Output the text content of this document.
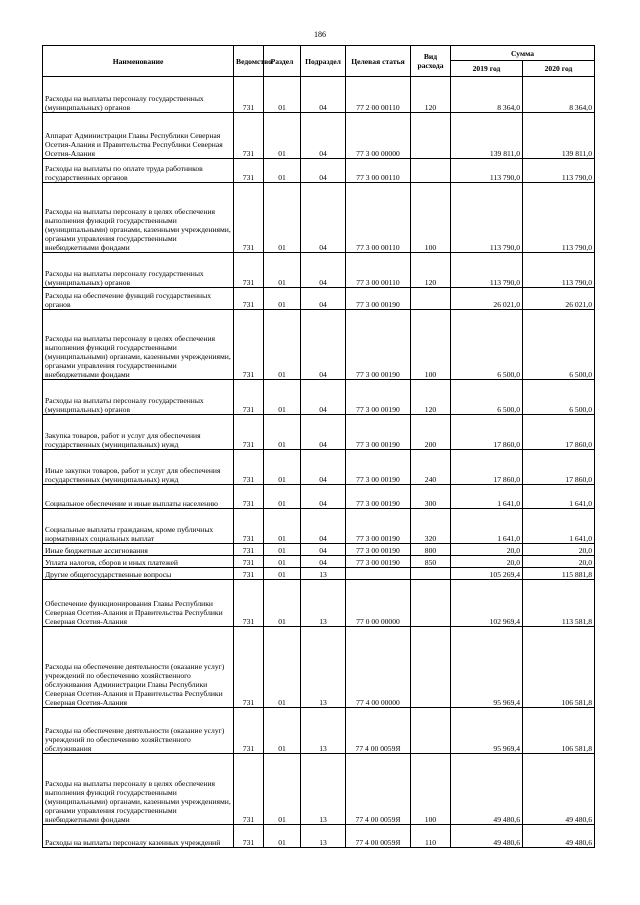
186
Наименование	Ведомство	Раздел	Подраздел	Целевая статья	Вид расхода	Сумма	
						2019 год	2020 год
Расходы на выплаты персоналу государственных (муниципальных) органов	731	01	04	77 2 00 00110	120	8 364,0	8 364,0
Аппарат Администрации Главы Республики Северная Осетия-Алания и Правительства Республики Северная Осетия-Алания	731	01	04	77 3 00 00000		139 811,0	139 811,0
Расходы на выплаты по оплате труда работников государственных органов	731	01	04	77 3 00 00110		113 790,0	113 790,0
Расходы на выплаты персоналу в целях обеспечения выполнения функций государственными (муниципальными) органами, казенными учреждениями, органами управления государственными внебюджетными фондами	731	01	04	77 3 00 00110	100	113 790,0	113 790,0
Расходы на выплаты персоналу государственных (муниципальных) органов	731	01	04	77 3 00 00110	120	113 790,0	113 790,0
Расходы на обеспечение функций государственных органов	731	01	04	77 3 00 00190		26 021,0	26 021,0
Расходы на выплаты персоналу в целях обеспечения выполнения функций государственными (муниципальными) органами, казенными учреждениями, органами управления государственными внебюджетными фондами	731	01	04	77 3 00 00190	100	6 500,0	6 500,0
Расходы на выплаты персоналу государственных (муниципальных) органов	731	01	04	77 3 00 00190	120	6 500,0	6 500,0
Закупка товаров, работ и услуг для обеспечения государственных (муниципальных) нужд	731	01	04	77 3 00 00190	200	17 860,0	17 860,0
Иные закупки товаров, работ и услуг для обеспечения государственных (муниципальных) нужд	731	01	04	77 3 00 00190	240	17 860,0	17 860,0
Социальное обеспечение и иные выплаты населению	731	01	04	77 3 00 00190	300	1 641,0	1 641,0
Социальные выплаты гражданам, кроме публичных нормативных социальных выплат	731	01	04	77 3 00 00190	320	1 641,0	1 641,0
Иные бюджетные ассигнования	731	01	04	77 3 00 00190	800	20,0	20,0
Уплата налогов, сборов и иных платежей	731	01	04	77 3 00 00190	850	20,0	20,0
Другие общегосударственные вопросы	731	01	13			105 269,4	115 881,8
Обеспечение функционирования Главы Республики Северная Осетия-Алания и Правительства Республики Северная Осетия-Алания	731	01	13	77 0 00 00000		102 969,4	113 581,8
Расходы на обеспечение деятельности (оказание услуг) учреждений по обеспечению хозяйственного обслуживания Администрации Главы Республики Северная Осетия-Алания и Правительства Республики Северная Осетия-Алания	731	01	13	77 4 00 00000		95 969,4	106 581,8
Расходы на обеспечение деятельности (оказание услуг) учреждений по обеспечению хозяйственного обслуживания	731	01	13	77 4 00 0059Я		95 969,4	106 581,8
Расходы на выплаты персоналу в целях обеспечения выполнения функций государственными (муниципальными) органами, казенными учреждениями, органами управления государственными внебюджетными фондами	731	01	13	77 4 00 0059Я	100	49 480,6	49 480,6
Расходы на выплаты персоналу казенных учреждений	731	01	13	77 4 00 0059Я	110	49 480,6	49 480,6
